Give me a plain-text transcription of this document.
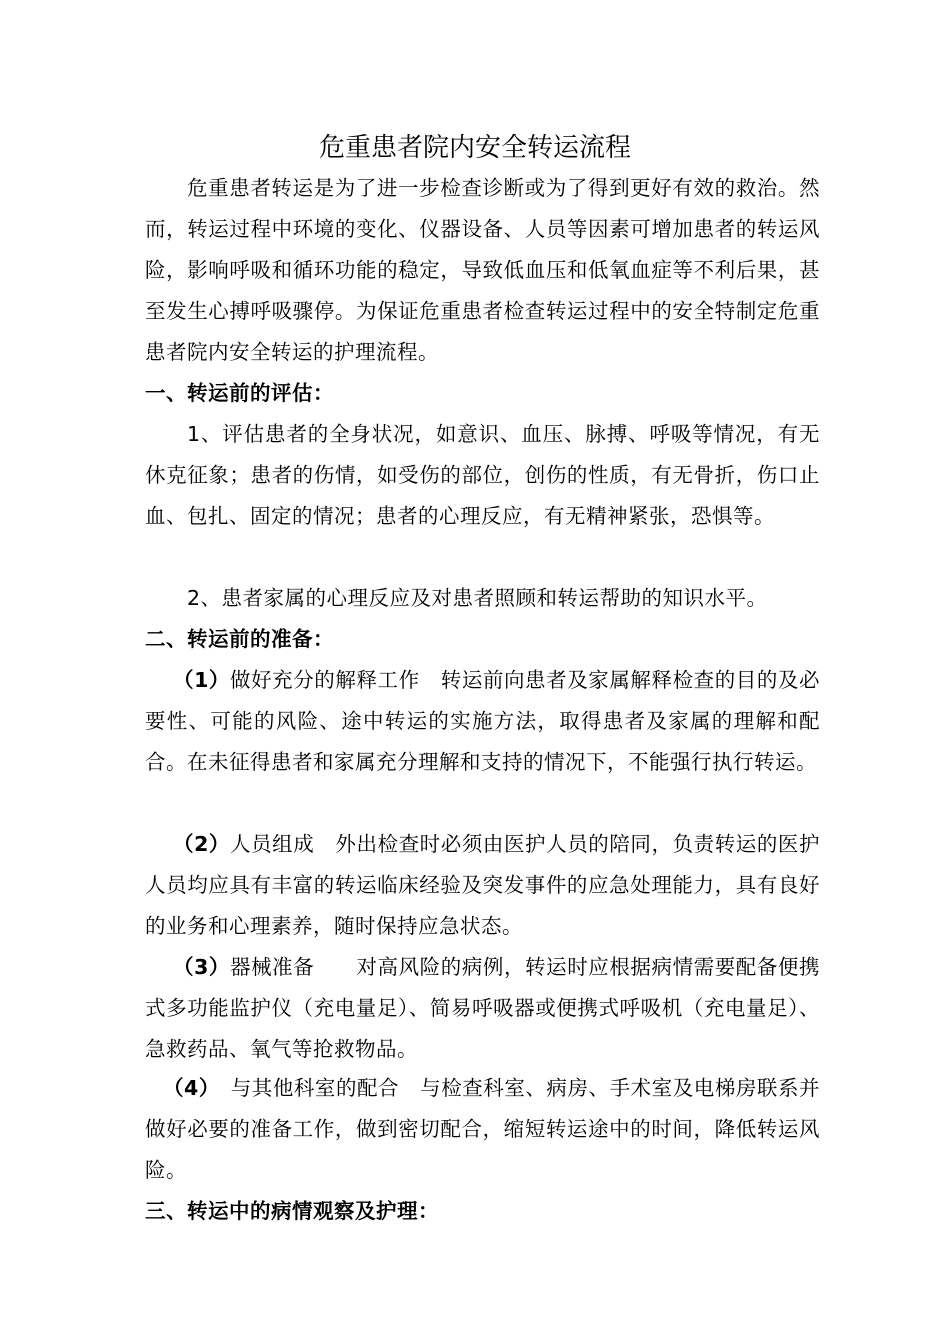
危重患者院内安全转运流程

危重患者转运是为了进一步检查诊断或为了得到更好有效的救治。然而，转运过程中环境的变化、仪器设备、人员等因素可增加患者的转运风险，影响呼吸和循环功能的稳定，导致低血压和低氧血症等不利后果，甚至发生心搏呼吸骤停。为保证危重患者检查转运过程中的安全特制定危重患者院内安全转运的护理流程。

一、转运前的评估：

1、评估患者的全身状况，如意识、血压、脉搏、呼吸等情况，有无休克征象；患者的伤情，如受伤的部位，创伤的性质，有无骨折，伤口止血、包扎、固定的情况；患者的心理反应，有无精神紧张，恐惧等。

2、患者家属的心理反应及对患者照顾和转运帮助的知识水平。

二、转运前的准备：

（1）做好充分的解释工作　转运前向患者及家属解释检查的目的及必要性、可能的风险、途中转运的实施方法，取得患者及家属的理解和配合。在未征得患者和家属充分理解和支持的情况下，不能强行执行转运。

（2）人员组成　外出检查时必须由医护人员的陪同，负责转运的医护人员均应具有丰富的转运临床经验及突发事件的应急处理能力，具有良好的业务和心理素养，随时保持应急状态。

（3）器械准备　　对高风险的病例，转运时应根据病情需要配备便携式多功能监护仪（充电量足）、简易呼吸器或便携式呼吸机（充电量足）、急救药品、氧气等抢救物品。

（4）　与其他科室的配合　与检查科室、病房、手术室及电梯房联系并做好必要的准备工作，做到密切配合，缩短转运途中的时间，降低转运风险。

三、转运中的病情观察及护理：
